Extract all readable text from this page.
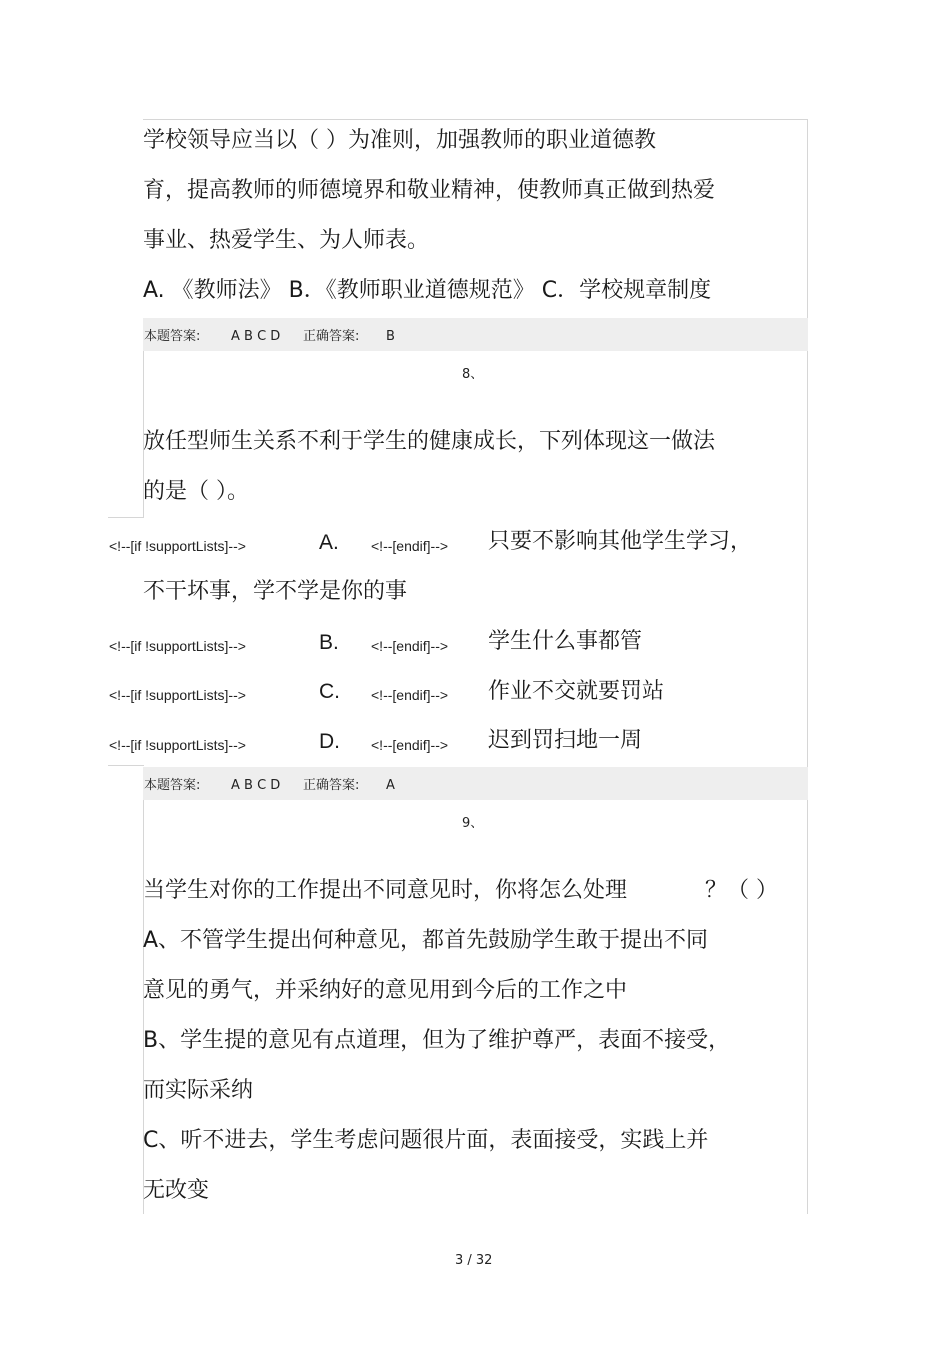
学校领导应当以（ ）为准则，加强教师的职业道德教
育，提高教师的师德境界和敬业精神，使教师真正做到热爱
事业、热爱学生、为人师表。
A. 《教师法》 B．《教师职业道德规范》 C．学校规章制度
本题答案: A B C D 正确答案: B
8、
放任型师生关系不利于学生的健康成长，下列体现这一做法
的是（ ）。
<!--[if !supportLists]-->	A. <!--[endif]--> 只要不影响其他学生学习，
不干坏事，学不学是你的事
<!--[if !supportLists]-->	B. <!--[endif]--> 学生什么事都管
<!--[if !supportLists]-->	C. <!--[endif]--> 作业不交就要罚站
<!--[if !supportLists]-->	D. <!--[endif]--> 迟到罚扫地一周
本题答案: A B C D 正确答案: A
9、
当学生对你的工作提出不同意见时，你将怎么处理	？（ ）
A、不管学生提出何种意见，都首先鼓励学生敢于提出不同
意见的勇气，并采纳好的意见用到今后的工作之中
B、学生提的意见有点道理，但为了维护尊严，表面不接受，
而实际采纳
C、听不进去，学生考虑问题很片面，表面接受，实践上并
无改变
3 / 32
